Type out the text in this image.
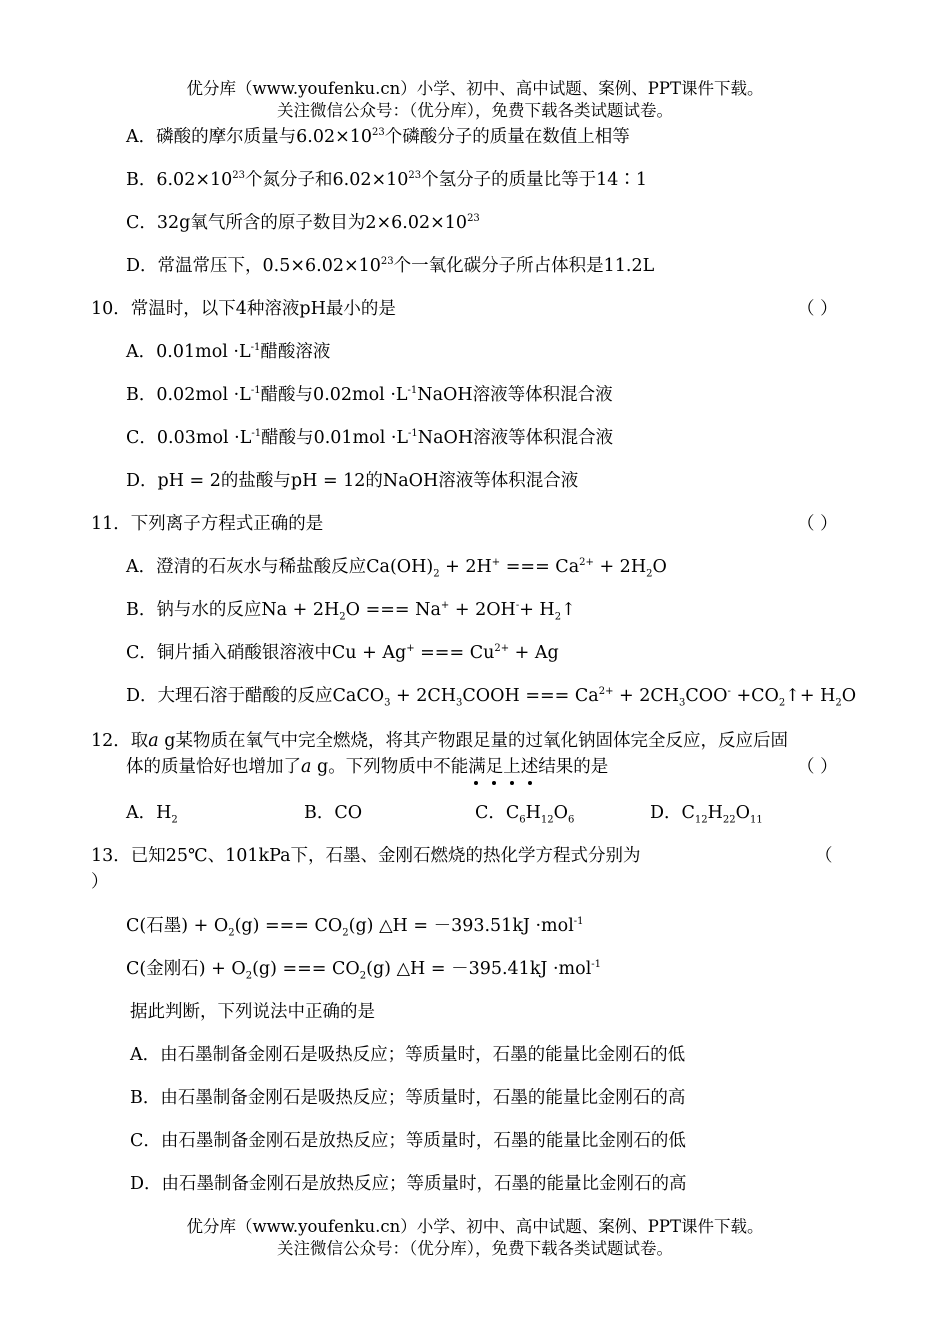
优分库（www.youfenku.cn）小学、初中、高中试题、案例、PPT课件下载。
关注微信公众号：（优分库），免费下载各类试题试卷。
A．磷酸的摩尔质量与$6.02\times 10^{23}$个磷酸分子的质量在数值上相等
B．$6.02\times 10^{23}$个氮分子和$6.02\times 10^{23}$个氢分子的质量比等于14∶1
C．32g氧气所含的原子数目为$2\times 6.02\times 10^{23}$
D．常温常压下，$0.5\times 6.02\times 10^{23}$个一氧化碳分子所占体积是11.2L
10．常温时，以下4种溶液pH最小的是	（ ）
A．$0.01mol \cdot L^{-1}$醋酸溶液
B．$0.02mol \cdot L^{-1}$醋酸与$0.02mol \cdot L^{-1}NaOH$溶液等体积混合液
C．$0.03mol \cdot L^{-1}$醋酸与$0.01mol \cdot L^{-1}NaOH$溶液等体积混合液
D．pH = 2的盐酸与pH = 12的NaOH溶液等体积混合液
11．下列离子方程式正确的是	（ ）
A．澄清的石灰水与稀盐酸反应$Ca(OH)_2 + 2H^+$ === $Ca^{2+} + 2H_2O$
B．钠与水的反应$Na + 2H_2O$ === $Na^+ + 2OH^-+ H_2↑$
C．铜片插入硝酸银溶液中Cu + Ag+ === $Cu^{2+} + Ag$
D．大理石溶于醋酸的反应CaCO$_3$ + $2CH_3COOH$ === $Ca^{2+} + 2CH_3COO^-$ $+CO_2↑+ H_2O$
12．取a g某物质在氧气中完全燃烧，将其产物跟足量的过氧化钠固体完全反应，反应后固
体的质量恰好也增加了a g。下列物质中不能满足上述结果的是	（ ）
A．$H_2$	B．CO	C．$C_6H_{12}O_6$	D．$C_{12}H_{22}O_{11}$
13．已知25℃、101kPa下，石墨、金刚石燃烧的热化学方程式分别为	（
）
C(石墨) + $O_2(g)$ === $CO_2(g)$ △H = －393.51kJ ·mol$^{-1}$
C(金刚石) + $O_2(g)$ === $CO_2(g)$ △H = －395.41kJ ·mol$^{-1}$
据此判断，下列说法中正确的是
A．由石墨制备金刚石是吸热反应；等质量时，石墨的能量比金刚石的低
B．由石墨制备金刚石是吸热反应；等质量时，石墨的能量比金刚石的高
C．由石墨制备金刚石是放热反应；等质量时，石墨的能量比金刚石的低
D．由石墨制备金刚石是放热反应；等质量时，石墨的能量比金刚石的高
优分库（www.youfenku.cn）小学、初中、高中试题、案例、PPT课件下载。
关注微信公众号：（优分库），免费下载各类试题试卷。
